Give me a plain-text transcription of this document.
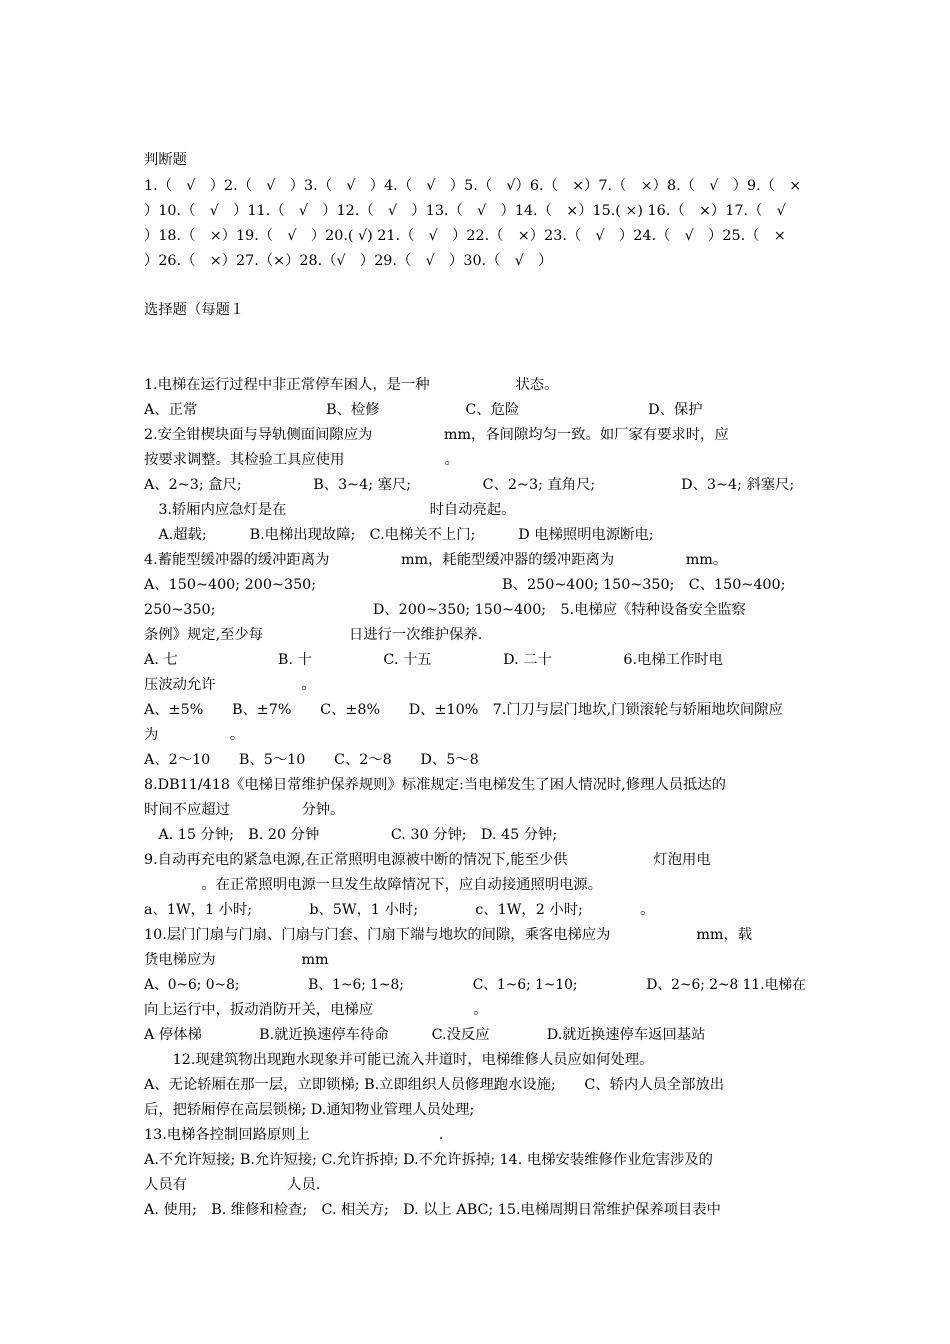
判断题
1.（　√　）2.（　√　）3.（　√　）4.（　√　）5.（　√）6.（　×）7.（　×）8.（　√　）9.（　×
）10.（　√　）11.（　√　）12.（　√　）13.（　√　）14.（　×）15.( ×) 16.（　×）17.（　√
）18.（　×）19.（　√　）20.( √) 21.（　√　）22.（　×）23.（　√　）24.（　√　）25.（　×
）26.（　×）27.（×）28.（√　）29.（　√　）30.（　√　）
选择题（每题１
1.电梯在运行过程中非正常停车困人，是一种　　　　　　状态。
A、正常　　　　　　　　　B、检修　　　　　　C、危险　　　　　　　　　D、保护
2.安全钳楔块面与导轨侧面间隙应为　　　　　mm，各间隙均匀一致。如厂家有要求时，应
按要求调整。其检验工具应使用　　　　　　　。
A、2~3; 盒尺;　　　　　B、3~4; 塞尺;　　　　　C、2~3; 直角尺;　　　　　　D、3~4; 斜塞尺;
　3.轿厢内应急灯是在　　　　　　　　　　时自动亮起。
　A.超载;　　　B.电梯出现故障;　C.电梯关不上门;　　　D 电梯照明电源断电;
4.蓄能型缓冲器的缓冲距离为　　　　　mm，耗能型缓冲器的缓冲距离为　　　　　mm。
A、150~400; 200~350;　　　　　　　　　　　　　B、250~400; 150~350;　C、150~400;
250~350;　　　　　　　　　　　D、200~350; 150~400;　5.电梯应《特种设备安全监察
条例》规定,至少每　　　　　　日进行一次维护保养.
A. 七　　　　　　　B. 十　　　　　C. 十五　　　　　D. 二十　　　　　6.电梯工作时电
压波动允许　　　　　　。
A、±5%　　B、±7%　　C、±8%　　D、±10%　7.门刀与层门地坎,门锁滚轮与轿厢地坎间隙应
为　　　　　。
A、2～10　　B、5～10　　C、2～8　　D、5～8
8.DB11/418《电梯日常维护保养规则》标准规定:当电梯发生了困人情况时,修理人员抵达的
时间不应超过　　　　　分钟。
　A. 15 分钟;　B. 20 分钟　　　　　C. 30 分钟;　D. 45 分钟;
9.自动再充电的紧急电源,在正常照明电源被中断的情况下,能至少供　　　　　　灯泡用电
　　　　。在正常照明电源一旦发生故障情况下，应自动接通照明电源。
a、1W，1 小时;　　　　b、5W，1 小时;　　　　c、1W，2 小时;　　　　。
10.层门门扇与门扇、门扇与门套、门扇下端与地坎的间隙，乘客电梯应为　　　　　　mm，载
货电梯应为　　　　　　mm
A、0~6; 0~8;　　　　　B、1~6; 1~8;　　　　　C、1~6; 1~10;　　　　　D、2~6; 2~8 11.电梯在
向上运行中，扳动消防开关，电梯应　　　　　　　。
A 停体梯　　　　B.就近换速停车待命　　　C.没反应　　　　D.就近换速停车返回基站
　　12.现建筑物出现跑水现象并可能已流入井道时，电梯维修人员应如何处理。
A、无论轿厢在那一层，立即锁梯; B.立即组织人员修理跑水设施;　　C、轿内人员全部放出
后，把轿厢停在高层锁梯; D.通知物业管理人员处理;
13.电梯各控制回路原则上　　　　　　　　　.
A.不允许短接; B.允许短接; C.允许拆掉; D.不允许拆掉; 14. 电梯安装维修作业危害涉及的
人员有　　　　　　　人员.
A. 使用;　B. 维修和检查;　C. 相关方;　D. 以上 ABC; 15.电梯周期日常维护保养项目表中
